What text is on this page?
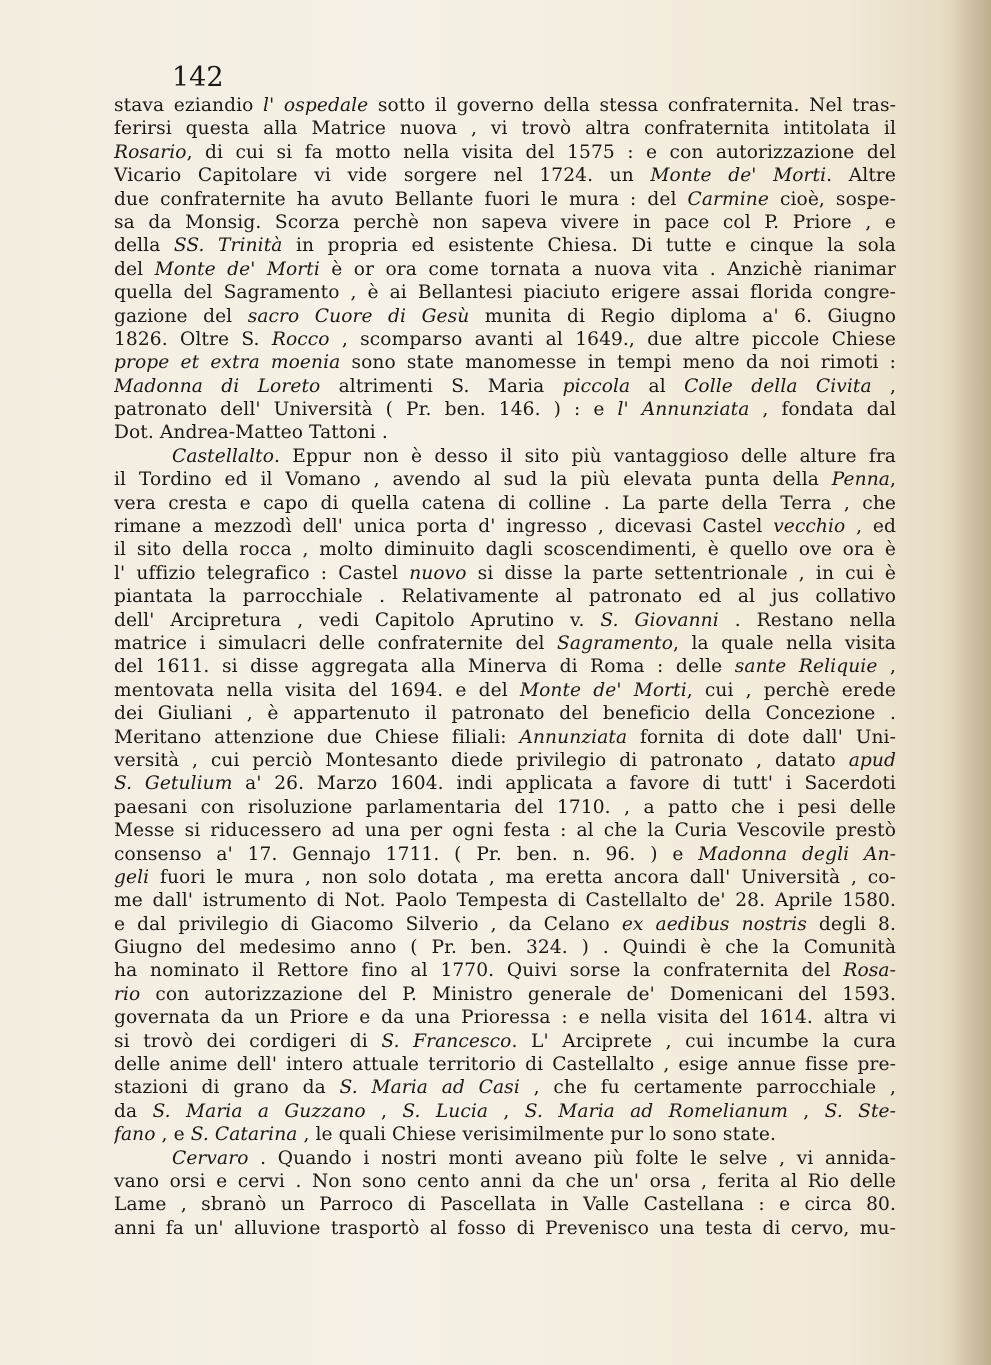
142
stava eziandio l' ospedale sotto il governo della stessa confraternita. Nel tras-
ferirsi questa alla Matrice nuova , vi trovò altra confraternita intitolata il
Rosario, di cui si fa motto nella visita del 1575 : e con autorizzazione del
Vicario Capitolare vi vide sorgere nel 1724. un Monte de' Morti. Altre
due confraternite ha avuto Bellante fuori le mura : del Carmine cioè, sospe-
sa da Monsig. Scorza perchè non sapeva vivere in pace col P. Priore , e
della SS. Trinità in propria ed esistente Chiesa. Di tutte e cinque la sola
del Monte de' Morti è or ora come tornata a nuova vita . Anzichè rianimar
quella del Sagramento , è ai Bellantesi piaciuto erigere assai florida congre-
gazione del sacro Cuore di Gesù munita di Regio diploma a' 6. Giugno
1826. Oltre S. Rocco , scomparso avanti al 1649., due altre piccole Chiese
prope et extra moenia sono state manomesse in tempi meno da noi rimoti :
Madonna di Loreto altrimenti S. Maria piccola al Colle della Civita ,
patronato dell' Università ( Pr. ben. 146. ) : e l' Annunziata , fondata dal
Dot. Andrea-Matteo Tattoni .
Castellalto. Eppur non è desso il sito più vantaggioso delle alture fra
il Tordino ed il Vomano , avendo al sud la più elevata punta della Penna,
vera cresta e capo di quella catena di colline . La parte della Terra , che
rimane a mezzodì dell' unica porta d' ingresso , dicevasi Castel vecchio , ed
il sito della rocca , molto diminuito dagli scoscendimenti, è quello ove ora è
l' uffizio telegrafico : Castel nuovo si disse la parte settentrionale , in cui è
piantata la parrocchiale . Relativamente al patronato ed al jus collativo
dell' Arcipretura , vedi Capitolo Aprutino v. S. Giovanni . Restano nella
matrice i simulacri delle confraternite del Sagramento, la quale nella visita
del 1611. si disse aggregata alla Minerva di Roma : delle sante Reliquie ,
mentovata nella visita del 1694. e del Monte de' Morti, cui , perchè erede
dei Giuliani , è appartenuto il patronato del beneficio della Concezione .
Meritano attenzione due Chiese filiali: Annunziata fornita di dote dall' Uni-
versità , cui perciò Montesanto diede privilegio di patronato , datato apud
S. Getulium a' 26. Marzo 1604. indi applicata a favore di tutt' i Sacerdoti
paesani con risoluzione parlamentaria del 1710. , a patto che i pesi delle
Messe si riducessero ad una per ogni festa : al che la Curia Vescovile prestò
consenso a' 17. Gennajo 1711. ( Pr. ben. n. 96. ) e Madonna degli An-
geli fuori le mura , non solo dotata , ma eretta ancora dall' Università , co-
me dall' istrumento di Not. Paolo Tempesta di Castellalto de' 28. Aprile 1580.
e dal privilegio di Giacomo Silverio , da Celano ex aedibus nostris degli 8.
Giugno del medesimo anno ( Pr. ben. 324. ) . Quindi è che la Comunità
ha nominato il Rettore fino al 1770. Quivi sorse la confraternita del Rosa-
rio con autorizzazione del P. Ministro generale de' Domenicani del 1593.
governata da un Priore e da una Prioressa : e nella visita del 1614. altra vi
si trovò dei cordigeri di S. Francesco. L' Arciprete , cui incumbe la cura
delle anime dell' intero attuale territorio di Castellalto , esige annue fisse pre-
stazioni di grano da S. Maria ad Casi , che fu certamente parrocchiale ,
da S. Maria a Guzzano , S. Lucia , S. Maria ad Romelianum , S. Ste-
fano , e S. Catarina , le quali Chiese verisimilmente pur lo sono state.
Cervaro . Quando i nostri monti aveano più folte le selve , vi annida-
vano orsi e cervi . Non sono cento anni da che un' orsa , ferita al Rio delle
Lame , sbranò un Parroco di Pascellata in Valle Castellana : e circa 80.
anni fa un' alluvione trasportò al fosso di Prevenisco una testa di cervo, mu-
